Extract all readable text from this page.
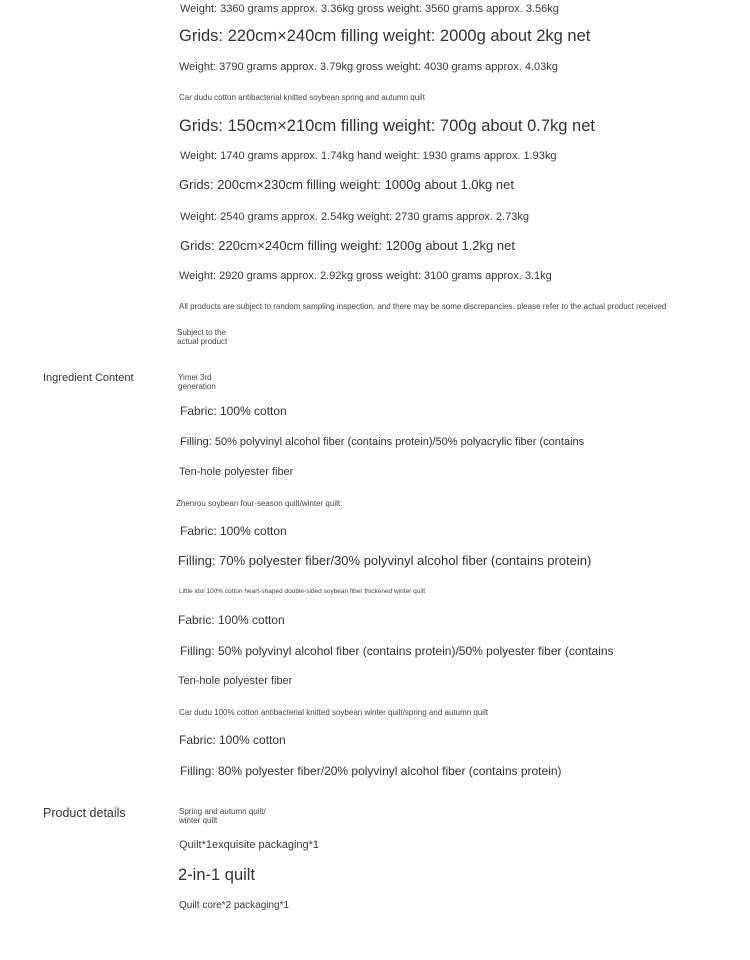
Weight: 3360 grams approx. 3.36kg gross weight: 3560 grams approx. 3.56kg
Grids: 220cm×240cm filling weight: 2000g about 2kg net
Weight: 3790 grams approx. 3.79kg gross weight: 4030 grams approx. 4.03kg
Car dudu cotton antibacterial knitted soybean spring and autumn quilt
Grids: 150cm×210cm filling weight: 700g about 0.7kg net
Weight: 1740 grams approx. 1.74kg hand weight: 1930 grams approx. 1.93kg
Grids: 200cm×230cm filling weight: 1000g about 1.0kg net
Weight: 2540 grams approx. 2.54kg weight: 2730 grams approx. 2.73kg
Grids: 220cm×240cm filling weight: 1200g about 1.2kg net
Weight: 2920 grams approx. 2.92kg gross weight: 3100 grams approx. 3.1kg
All products are subject to random sampling inspection, and there may be some discrepancies. please refer to the actual product received
Subject to the actual product
Ingredient Content	Yimei 3rd generation
Fabric: 100% cotton
Filling: 50% polyvinyl alcohol fiber (contains protein)/50% polyacrylic fiber (contains
Ten-hole polyester fiber
Zhenrou soybean four-season quilt/winter quilt:
Fabric: 100% cotton
Filling: 70% polyester fiber/30% polyvinyl alcohol fiber (contains protein)
Little idol 100% cotton heart-shaped double-sided soybean fiber thickened winter quilt
Fabric: 100% cotton
Filling: 50% polyvinyl alcohol fiber (contains protein)/50% polyester fiber (contains
Ten-hole polyester fiber
Car dudu 100% cotton antibacterial knitted soybean winter quilt/spring and autumn quilt
Fabric: 100% cotton
Filling: 80% polyester fiber/20% polyvinyl alcohol fiber (contains protein)
Product details	Spring and autumn quilt/ winter quilt
Quilt*1exquisite packaging*1
2-in-1 quilt
Quilt core*2 packaging*1
